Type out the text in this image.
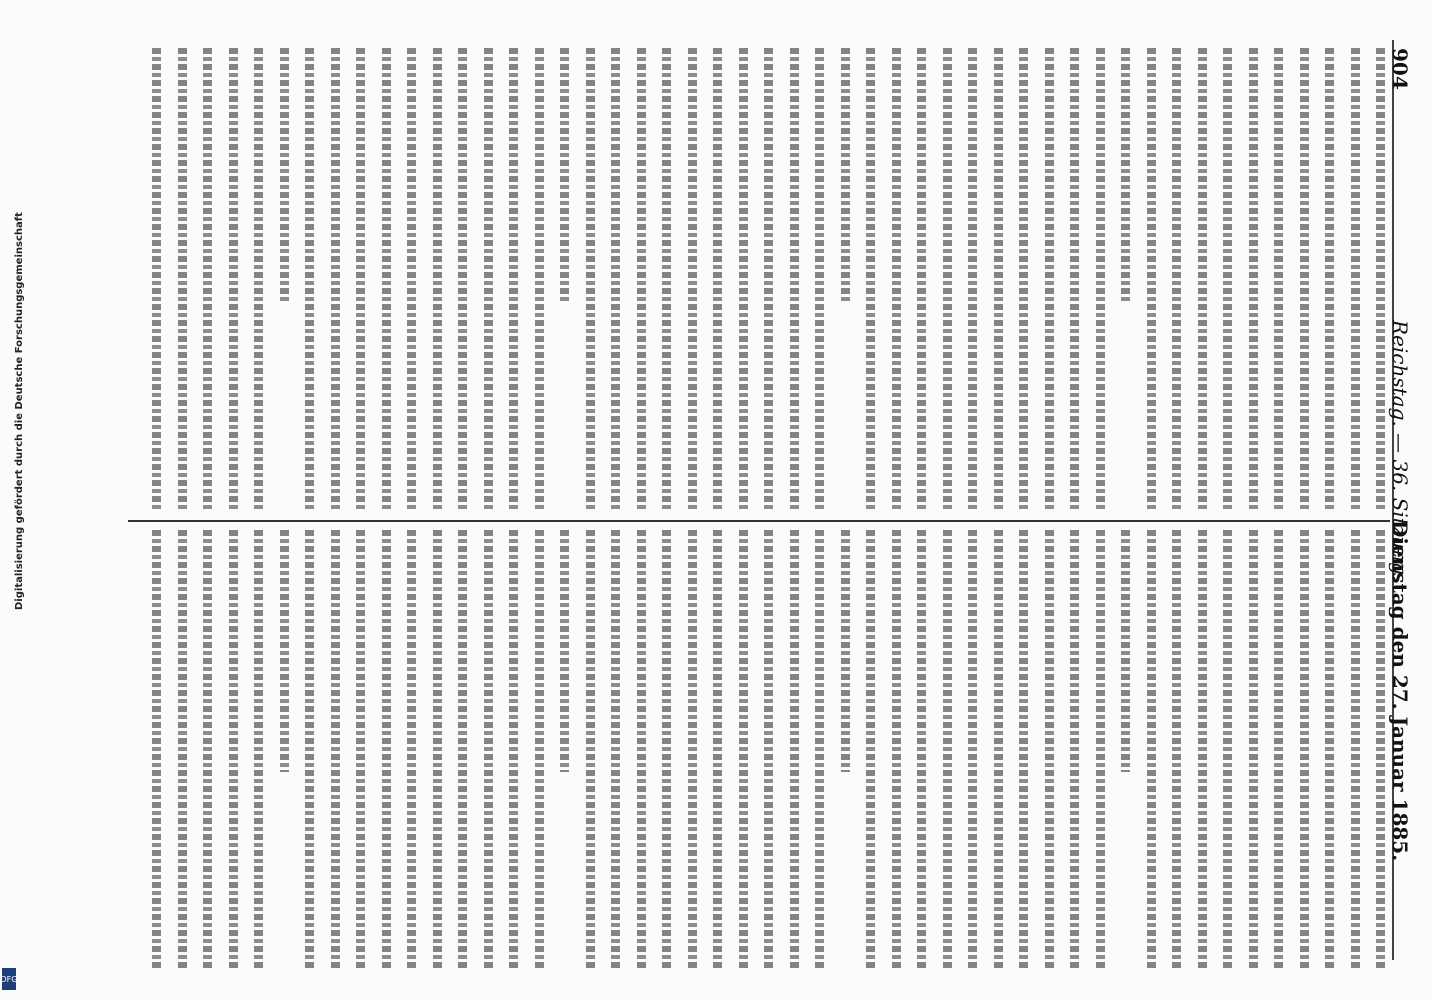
904
Reichstag. — 36. Sitzung.
Dienstag den 27. Januar 1885.
Digitalisierung gefördert durch die Deutsche Forschungsgemeinschaft
DFG
